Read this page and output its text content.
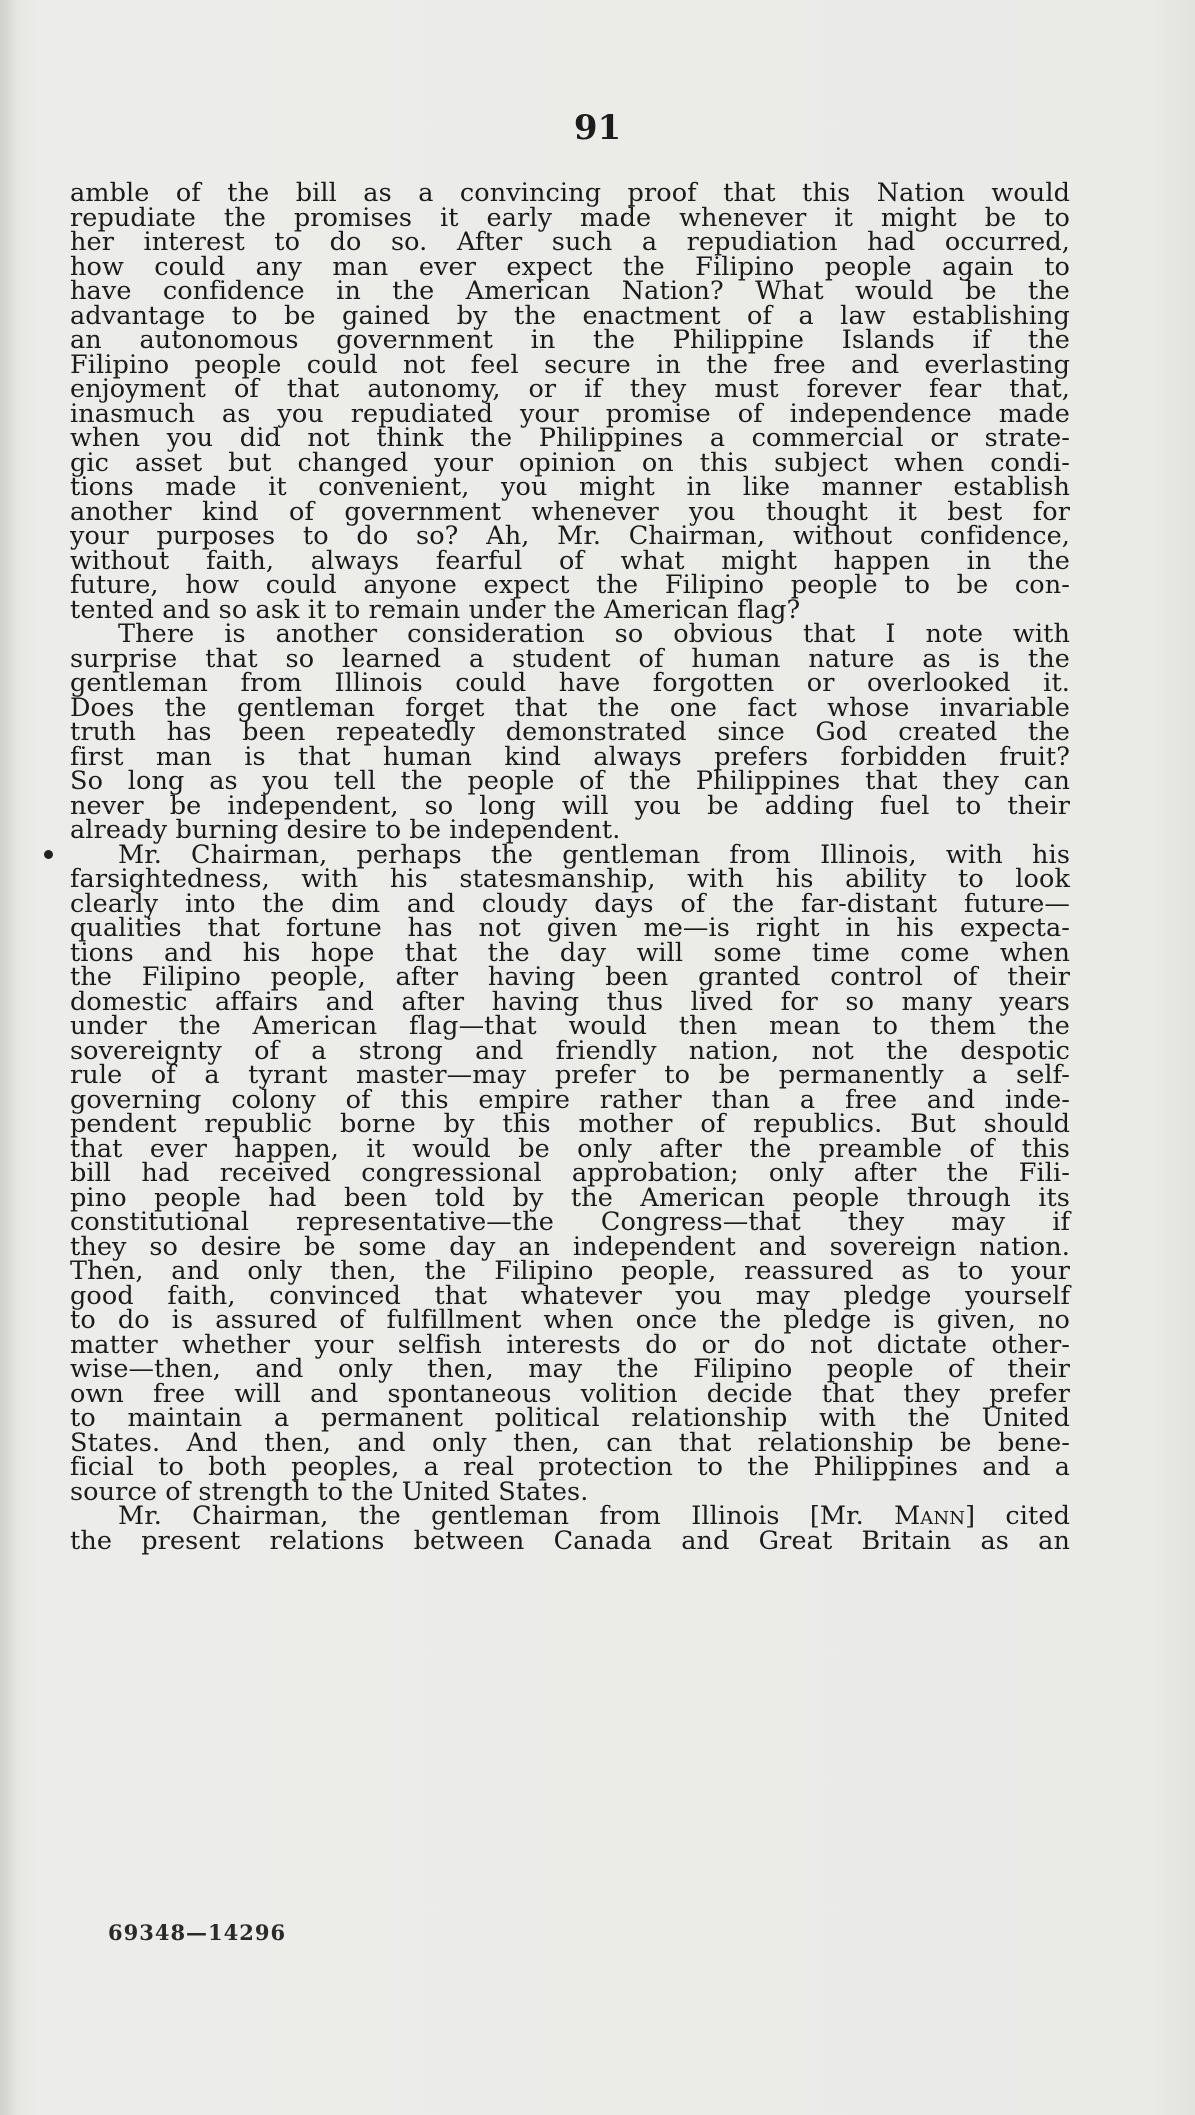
91
amble of the bill as a convincing proof that this Nation would
repudiate the promises it early made whenever it might be to
her interest to do so. After such a repudiation had occurred,
how could any man ever expect the Filipino people again to
have confidence in the American Nation? What would be the
advantage to be gained by the enactment of a law establishing
an autonomous government in the Philippine Islands if the
Filipino people could not feel secure in the free and everlasting
enjoyment of that autonomy, or if they must forever fear that,
inasmuch as you repudiated your promise of independence made
when you did not think the Philippines a commercial or strate-
gic asset but changed your opinion on this subject when condi-
tions made it convenient, you might in like manner establish
another kind of government whenever you thought it best for
your purposes to do so? Ah, Mr. Chairman, without confidence,
without faith, always fearful of what might happen in the
future, how could anyone expect the Filipino people to be con-
tented and so ask it to remain under the American flag?
There is another consideration so obvious that I note with
surprise that so learned a student of human nature as is the
gentleman from Illinois could have forgotten or overlooked it.
Does the gentleman forget that the one fact whose invariable
truth has been repeatedly demonstrated since God created the
first man is that human kind always prefers forbidden fruit?
So long as you tell the people of the Philippines that they can
never be independent, so long will you be adding fuel to their
already burning desire to be independent.
Mr. Chairman, perhaps the gentleman from Illinois, with his
farsightedness, with his statesmanship, with his ability to look
clearly into the dim and cloudy days of the far-distant future—
qualities that fortune has not given me—is right in his expecta-
tions and his hope that the day will some time come when
the Filipino people, after having been granted control of their
domestic affairs and after having thus lived for so many years
under the American flag—that would then mean to them the
sovereignty of a strong and friendly nation, not the despotic
rule of a tyrant master—may prefer to be permanently a self-
governing colony of this empire rather than a free and inde-
pendent republic borne by this mother of republics. But should
that ever happen, it would be only after the preamble of this
bill had received congressional approbation; only after the Fili-
pino people had been told by the American people through its
constitutional representative—the Congress—that they may if
they so desire be some day an independent and sovereign nation.
Then, and only then, the Filipino people, reassured as to your
good faith, convinced that whatever you may pledge yourself
to do is assured of fulfillment when once the pledge is given, no
matter whether your selfish interests do or do not dictate other-
wise—then, and only then, may the Filipino people of their
own free will and spontaneous volition decide that they prefer
to maintain a permanent political relationship with the United
States. And then, and only then, can that relationship be bene-
ficial to both peoples, a real protection to the Philippines and a
source of strength to the United States.
Mr. Chairman, the gentleman from Illinois [Mr. Mann] cited
the present relations between Canada and Great Britain as an
69348—14296
